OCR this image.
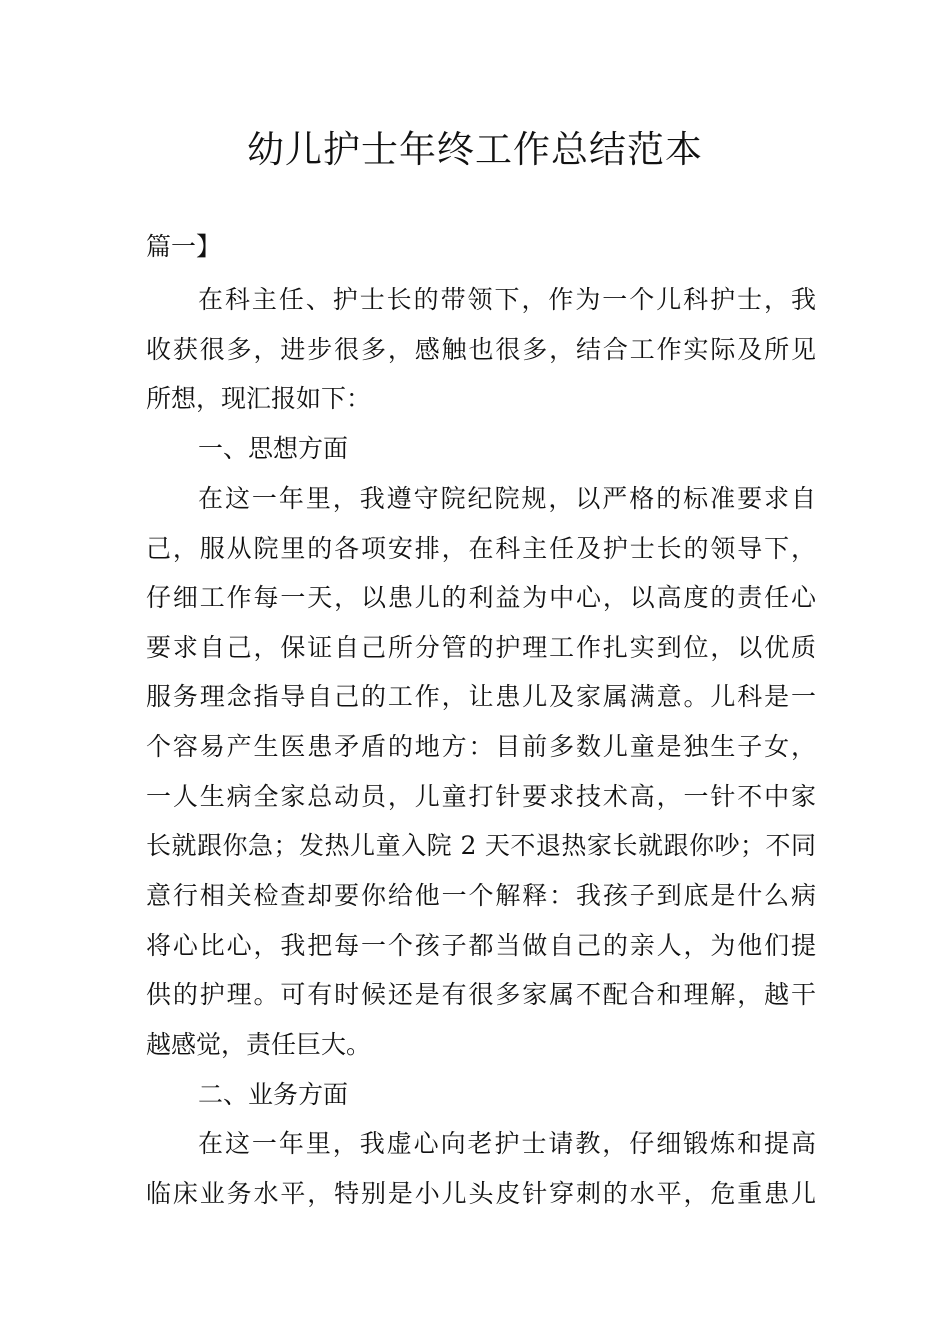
幼儿护士年终工作总结范本
篇一】
在科主任、护士长的带领下，作为一个儿科护士，我
收获很多，进步很多，感触也很多，结合工作实际及所见
所想，现汇报如下：
一、思想方面
在这一年里，我遵守院纪院规，以严格的标准要求自
己，服从院里的各项安排，在科主任及护士长的领导下，
仔细工作每一天，以患儿的利益为中心，以高度的责任心
要求自己，保证自己所分管的护理工作扎实到位，以优质
服务理念指导自己的工作，让患儿及家属满意。儿科是一
个容易产生医患矛盾的地方：目前多数儿童是独生子女，
一人生病全家总动员，儿童打针要求技术高，一针不中家
长就跟你急；发热儿童入院 2 天不退热家长就跟你吵；不同
意行相关检查却要你给他一个解释：我孩子到底是什么病
将心比心，我把每一个孩子都当做自己的亲人，为他们提
供的护理。可有时候还是有很多家属不配合和理解，越干
越感觉，责任巨大。
二、业务方面
在这一年里，我虚心向老护士请教，仔细锻炼和提高
临床业务水平，特别是小儿头皮针穿刺的水平，危重患儿
